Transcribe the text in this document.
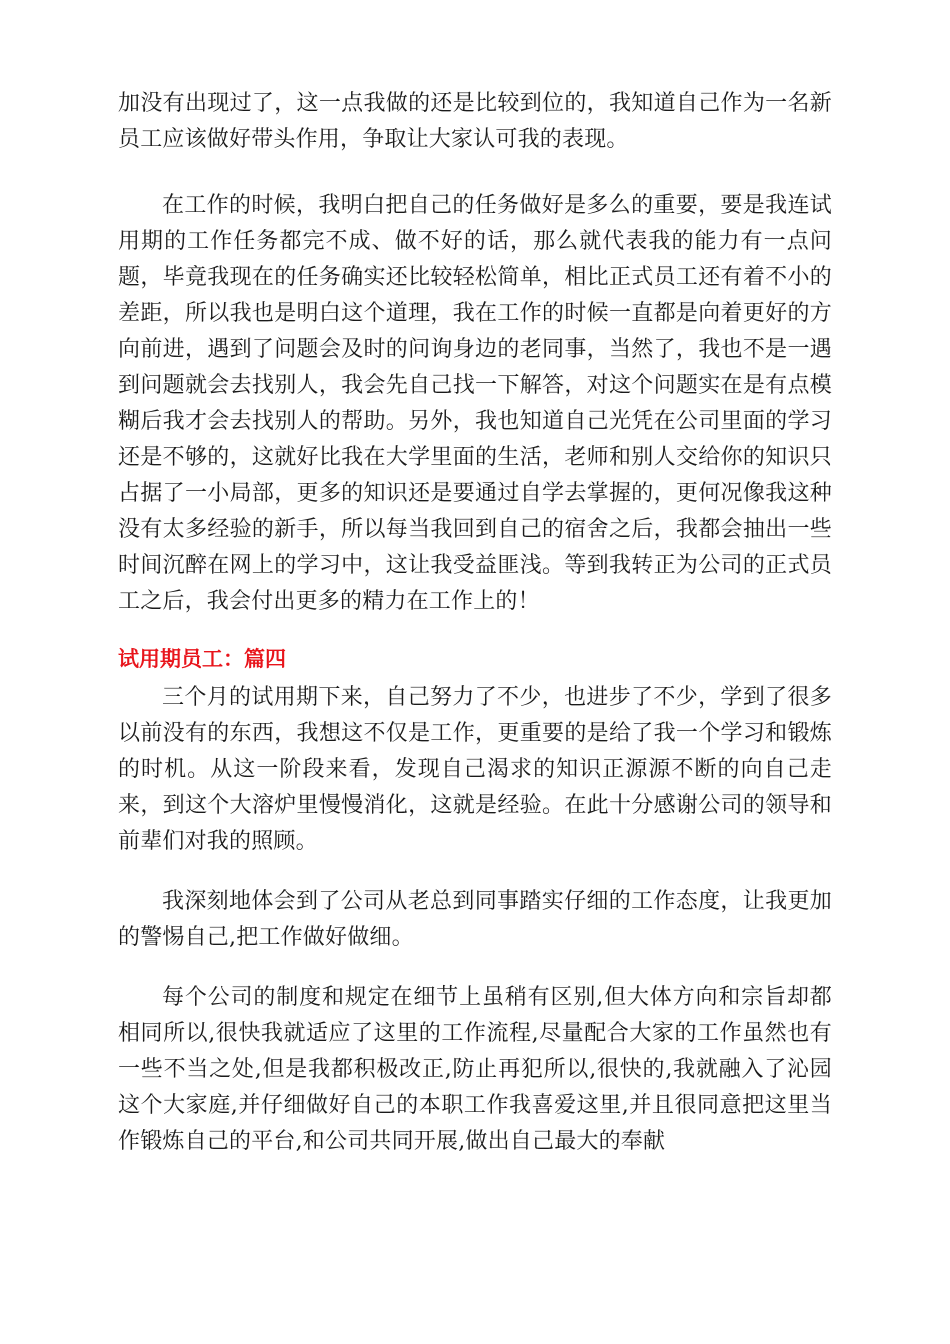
加没有出现过了，这一点我做的还是比较到位的，我知道自己作为一名新员工应该做好带头作用，争取让大家认可我的表现。

在工作的时候，我明白把自己的任务做好是多么的重要，要是我连试用期的工作任务都完不成、做不好的话，那么就代表我的能力有一点问题，毕竟我现在的任务确实还比较轻松简单，相比正式员工还有着不小的差距，所以我也是明白这个道理，我在工作的时候一直都是向着更好的方向前进，遇到了问题会及时的问询身边的老同事，当然了，我也不是一遇到问题就会去找别人，我会先自己找一下解答，对这个问题实在是有点模糊后我才会去找别人的帮助。另外，我也知道自己光凭在公司里面的学习还是不够的，这就好比我在大学里面的生活，老师和别人交给你的知识只占据了一小局部，更多的知识还是要通过自学去掌握的，更何况像我这种没有太多经验的新手，所以每当我回到自己的宿舍之后，我都会抽出一些时间沉醉在网上的学习中，这让我受益匪浅。等到我转正为公司的正式员工之后，我会付出更多的精力在工作上的！

试用期员工：篇四

三个月的试用期下来，自己努力了不少，也进步了不少，学到了很多以前没有的东西，我想这不仅是工作，更重要的是给了我一个学习和锻炼的时机。从这一阶段来看，发现自己渴求的知识正源源不断的向自己走来，到这个大溶炉里慢慢消化，这就是经验。在此十分感谢公司的领导和前辈们对我的照顾。

我深刻地体会到了公司从老总到同事踏实仔细的工作态度，让我更加的警惕自己,把工作做好做细。

每个公司的制度和规定在细节上虽稍有区别,但大体方向和宗旨却都相同所以,很快我就适应了这里的工作流程,尽量配合大家的工作虽然也有一些不当之处,但是我都积极改正,防止再犯所以,很快的,我就融入了沁园这个大家庭,并仔细做好自己的本职工作我喜爱这里,并且很同意把这里当作锻炼自己的平台,和公司共同开展,做出自己最大的奉献
